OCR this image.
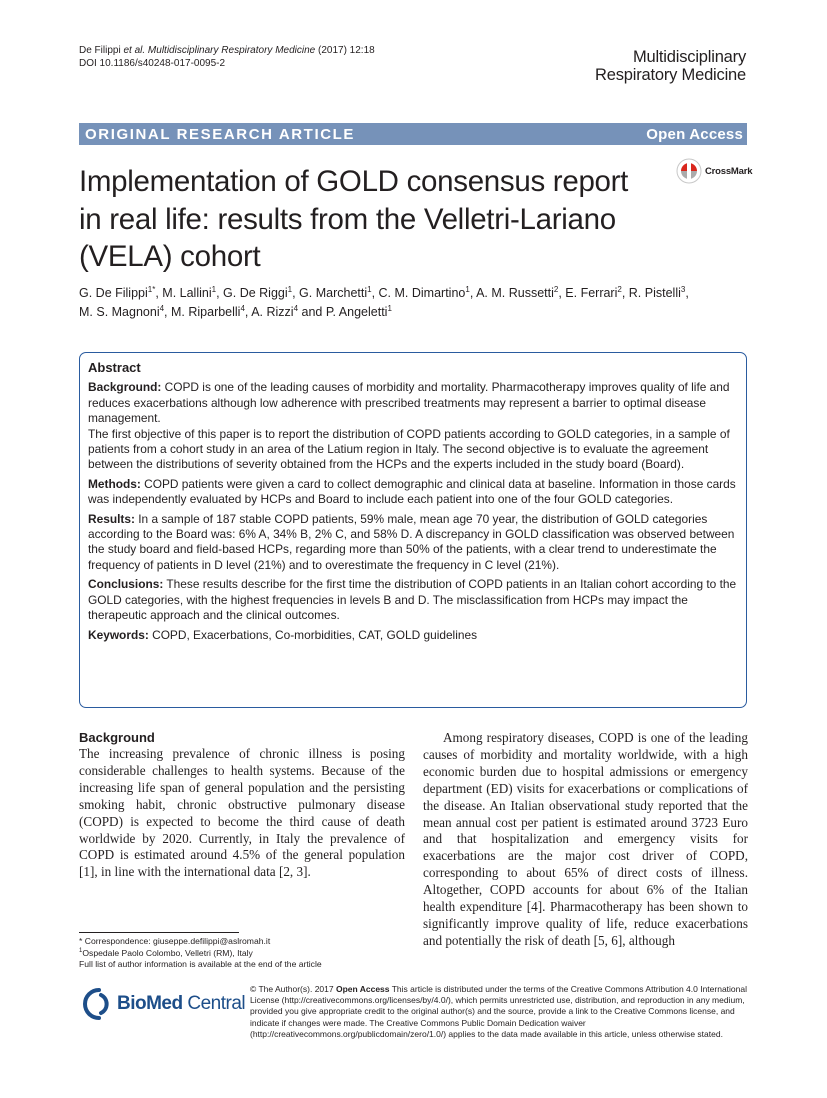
De Filippi et al. Multidisciplinary Respiratory Medicine (2017) 12:18
DOI 10.1186/s40248-017-0095-2	Multidisciplinary
Respiratory Medicine
ORIGINAL RESEARCH ARTICLE	Open Access
Implementation of GOLD consensus report
in real life: results from the Velletri-Lariano
(VELA) cohort
CrossMark
G. De Filippi$^{1*}$, M. Lallini$^1$, G. De Riggi$^1$, G. Marchetti$^1$, C. M. Dimartino$^1$, A. M. Russetti$^2$, E. Ferrari$^2$, R. Pistelli$^3$,
M. S. Magnoni$^4$, M. Riparbelli$^4$, A. Rizzi$^4$ and P. Angeletti$^1$
Abstract

Background: COPD is one of the leading causes of morbidity and mortality. Pharmacotherapy improves quality of life and reduces exacerbations although low adherence with prescribed treatments may represent a barrier to optimal disease management.
The first objective of this paper is to report the distribution of COPD patients according to GOLD categories, in a sample of patients from a cohort study in an area of the Latium region in Italy. The second objective is to evaluate the agreement between the distributions of severity obtained from the HCPs and the experts included in the study board (Board).

Methods: COPD patients were given a card to collect demographic and clinical data at baseline. Information in those cards was independently evaluated by HCPs and Board to include each patient into one of the four GOLD categories.

Results: In a sample of 187 stable COPD patients, 59% male, mean age 70 year, the distribution of GOLD categories according to the Board was: 6% A, 34% B, 2% C, and 58% D. A discrepancy in GOLD classification was observed between the study board and field-based HCPs, regarding more than 50% of the patients, with a clear trend to underestimate the frequency of patients in D level (21%) and to overestimate the frequency in C level (21%).

Conclusions: These results describe for the first time the distribution of COPD patients in an Italian cohort according to the GOLD categories, with the highest frequencies in levels B and D. The misclassification from HCPs may impact the therapeutic approach and the clinical outcomes.

Keywords: COPD, Exacerbations, Co-morbidities, CAT, GOLD guidelines

Background
The increasing prevalence of chronic illness is posing considerable challenges to health systems. Because of the increasing life span of general population and the persisting smoking habit, chronic obstructive pulmonary disease (COPD) is expected to become the third cause of death worldwide by 2020. Currently, in Italy the prevalence of COPD is estimated around 4.5% of the general population [1], in line with the international data [2, 3].
Among respiratory diseases, COPD is one of the leading causes of morbidity and mortality worldwide, with a high economic burden due to hospital admissions or emergency department (ED) visits for exacerbations or complications of the disease. An Italian observational study reported that the mean annual cost per patient is estimated around 3723 Euro and that hospitalization and emergency visits for exacerbations are the major cost driver of COPD, corresponding to about 65% of direct costs of illness. Altogether, COPD accounts for about 6% of the Italian health expenditure [4]. Pharmacotherapy has been shown to significantly improve quality of life, reduce exacerbations and potentially the risk of death [5, 6], although
* Correspondence: giuseppe.defilippi@aslromah.it
$^1$Ospedale Paolo Colombo, Velletri (RM), Italy
Full list of author information is available at the end of the article
BioMed Central
© The Author(s). 2017 Open Access This article is distributed under the terms of the Creative Commons Attribution 4.0 International License (http://creativecommons.org/licenses/by/4.0/), which permits unrestricted use, distribution, and reproduction in any medium, provided you give appropriate credit to the original author(s) and the source, provide a link to the Creative Commons license, and indicate if changes were made. The Creative Commons Public Domain Dedication waiver (http://creativecommons.org/publicdomain/zero/1.0/) applies to the data made available in this article, unless otherwise stated.
